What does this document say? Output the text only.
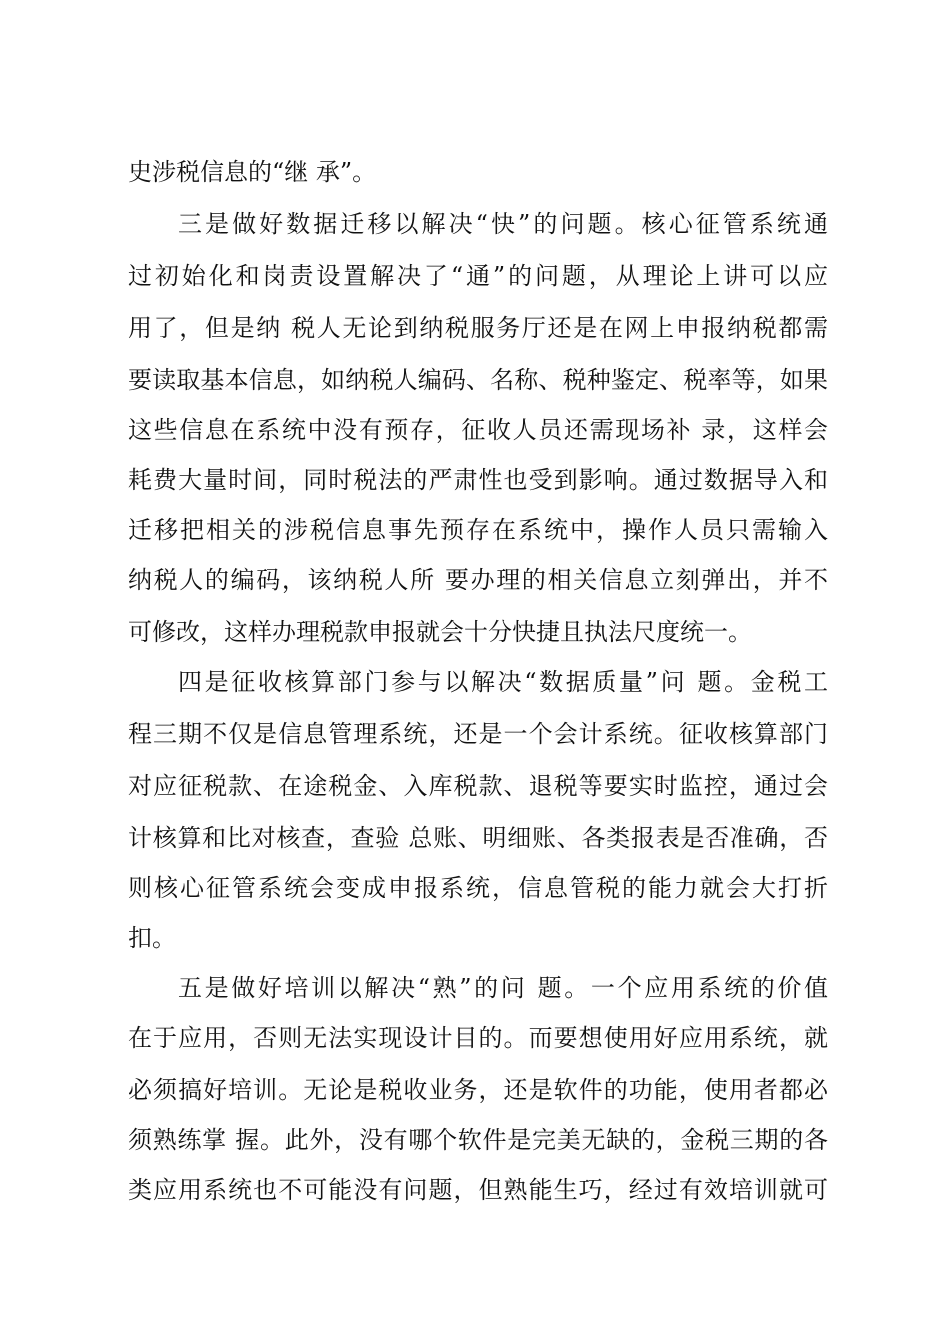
史涉税信息的“继 承”。
三是做好数据迁移以解决“快”的问题。核心征管系统通
过初始化和岗责设置解决了“通”的问题，从理论上讲可以应
用了，但是纳 税人无论到纳税服务厅还是在网上申报纳税都需
要读取基本信息，如纳税人编码、名称、税种鉴定、税率等，如果
这些信息在系统中没有预存，征收人员还需现场补 录，这样会
耗费大量时间，同时税法的严肃性也受到影响。通过数据导入和
迁移把相关的涉税信息事先预存在系统中，操作人员只需输入
纳税人的编码，该纳税人所 要办理的相关信息立刻弹出，并不
可修改，这样办理税款申报就会十分快捷且执法尺度统一。
四是征收核算部门参与以解决“数据质量”问 题。金税工
程三期不仅是信息管理系统，还是一个会计系统。征收核算部门
对应征税款、在途税金、入库税款、退税等要实时监控，通过会
计核算和比对核查，查验 总账、明细账、各类报表是否准确，否
则核心征管系统会变成申报系统，信息管税的能力就会大打折
扣。
五是做好培训以解决“熟”的问 题。一个应用系统的价值
在于应用，否则无法实现设计目的。而要想使用好应用系统，就
必须搞好培训。无论是税收业务，还是软件的功能，使用者都必
须熟练掌 握。此外，没有哪个软件是完美无缺的，金税三期的各
类应用系统也不可能没有问题，但熟能生巧，经过有效培训就可
